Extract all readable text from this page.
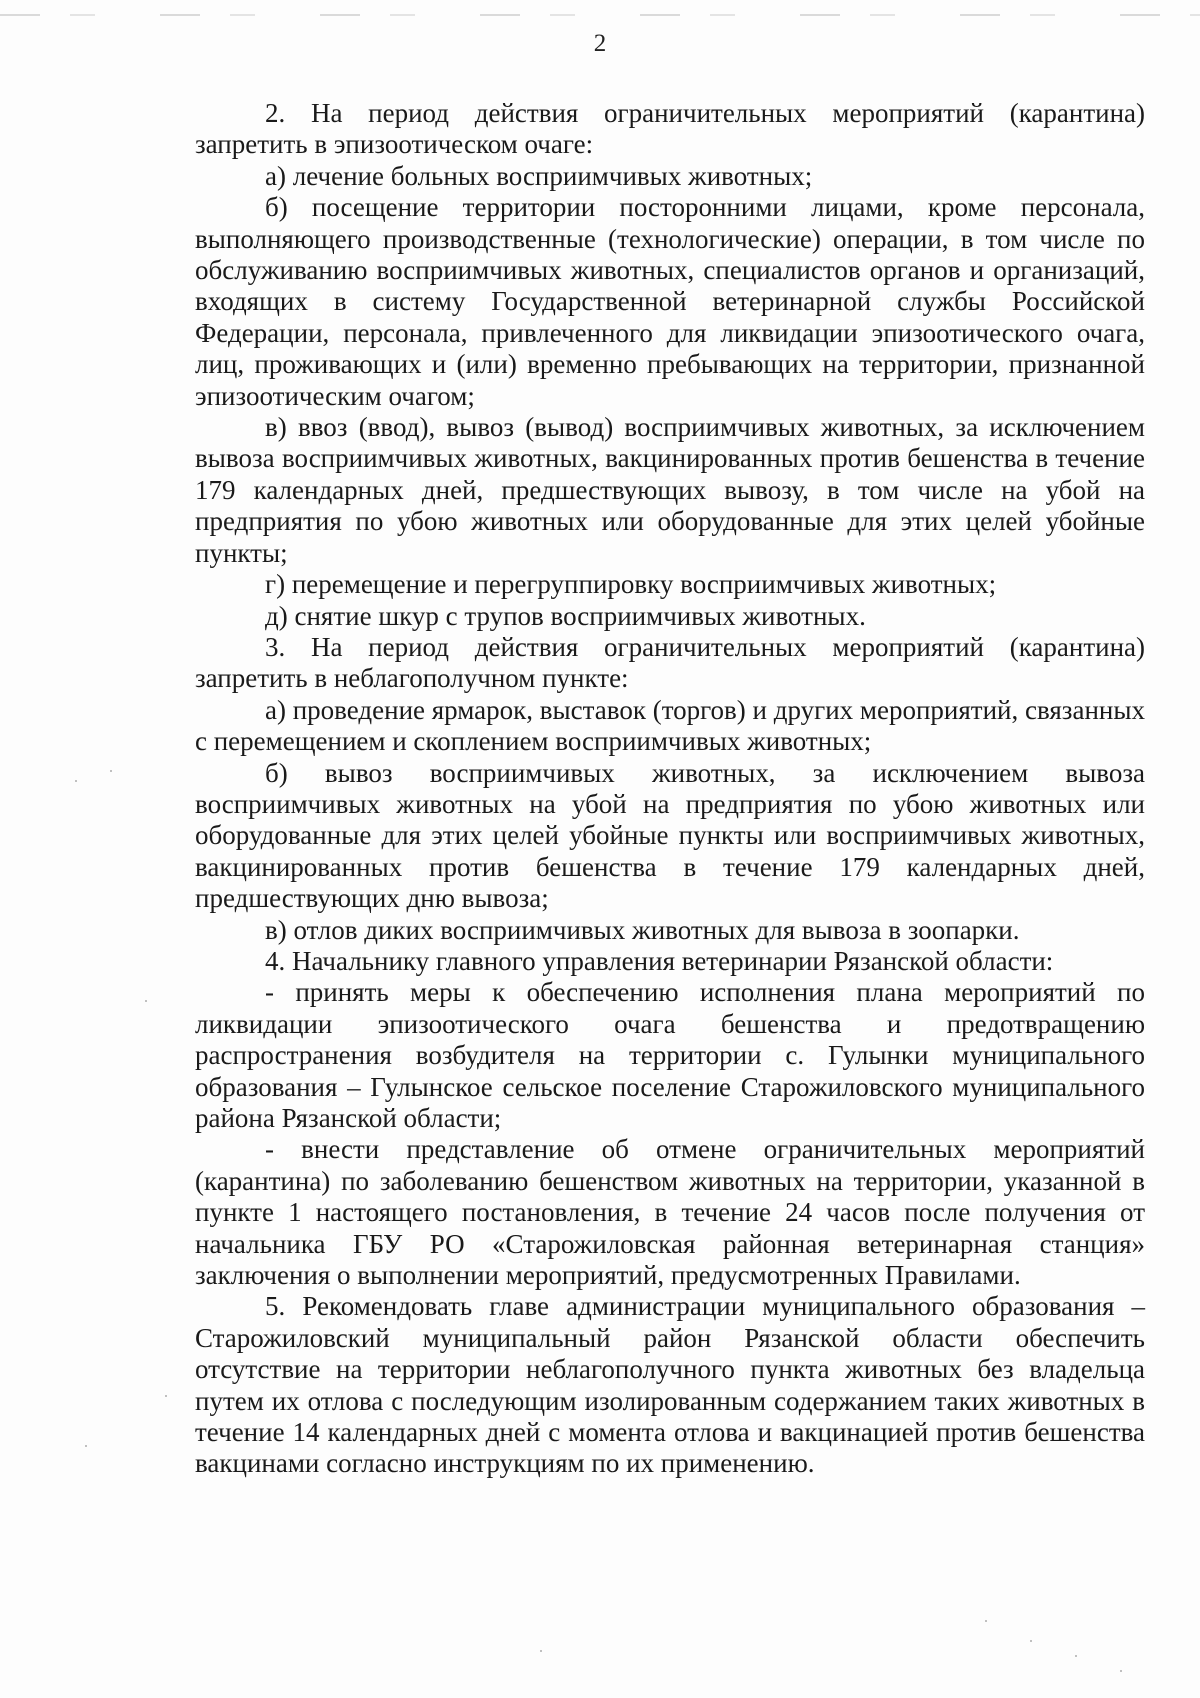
2

2. На период действия ограничительных мероприятий (карантина) запретить в эпизоотическом очаге:

а) лечение больных восприимчивых животных;

б) посещение территории посторонними лицами, кроме персонала, выполняющего производственные (технологические) операции, в том числе по обслуживанию восприимчивых животных, специалистов органов и организаций, входящих в систему Государственной ветеринарной службы Российской Федерации, персонала, привлеченного для ликвидации эпизоотического очага, лиц, проживающих и (или) временно пребывающих на территории, признанной эпизоотическим очагом;

в) ввоз (ввод), вывоз (вывод) восприимчивых животных, за исключением вывоза восприимчивых животных, вакцинированных против бешенства в течение 179 календарных дней, предшествующих вывозу, в том числе на убой на предприятия по убою животных или оборудованные для этих целей убойные пункты;

г) перемещение и перегруппировку восприимчивых животных;

д) снятие шкур с трупов восприимчивых животных.

3. На период действия ограничительных мероприятий (карантина) запретить в неблагополучном пункте:

а) проведение ярмарок, выставок (торгов) и других мероприятий, связанных с перемещением и скоплением восприимчивых животных;

б) вывоз восприимчивых животных, за исключением вывоза восприимчивых животных на убой на предприятия по убою животных или оборудованные для этих целей убойные пункты или восприимчивых животных, вакцинированных против бешенства в течение 179 календарных дней, предшествующих дню вывоза;

в) отлов диких восприимчивых животных для вывоза в зоопарки.

4. Начальнику главного управления ветеринарии Рязанской области:

- принять меры к обеспечению исполнения плана мероприятий по ликвидации эпизоотического очага бешенства и предотвращению распространения возбудителя на территории с. Гулынки муниципального образования – Гулынское сельское поселение Старожиловского муниципального района Рязанской области;

- внести представление об отмене ограничительных мероприятий (карантина) по заболеванию бешенством животных на территории, указанной в пункте 1 настоящего постановления, в течение 24 часов после получения от начальника ГБУ РО «Старожиловская районная ветеринарная станция» заключения о выполнении мероприятий, предусмотренных Правилами.

5. Рекомендовать главе администрации муниципального образования – Старожиловский муниципальный район Рязанской области обеспечить отсутствие на территории неблагополучного пункта животных без владельца путем их отлова с последующим изолированным содержанием таких животных в течение 14 календарных дней с момента отлова и вакцинацией против бешенства вакцинами согласно инструкциям по их применению.
